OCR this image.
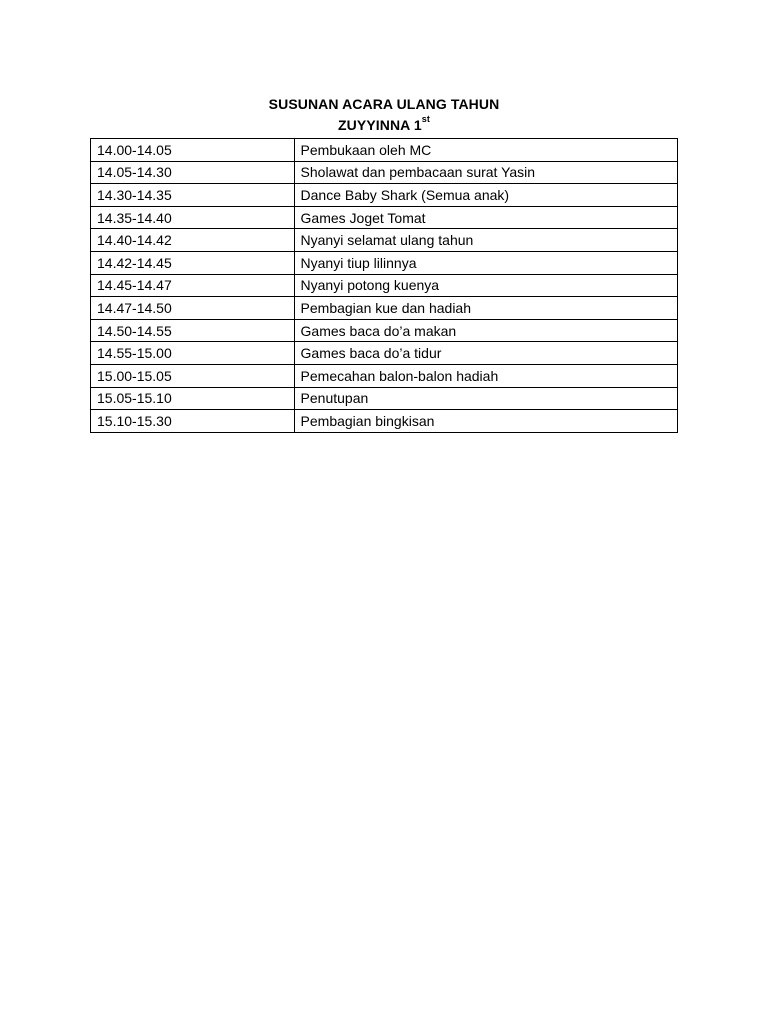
SUSUNAN ACARA ULANG TAHUN
ZUYYINNA 1st
14.00-14.05	Pembukaan oleh MC
14.05-14.30	Sholawat dan pembacaan surat Yasin
14.30-14.35	Dance Baby Shark (Semua anak)
14.35-14.40	Games Joget Tomat
14.40-14.42	Nyanyi selamat ulang tahun
14.42-14.45	Nyanyi tiup lilinnya
14.45-14.47	Nyanyi potong kuenya
14.47-14.50	Pembagian kue dan hadiah
14.50-14.55	Games baca do’a makan
14.55-15.00	Games baca do’a tidur
15.00-15.05	Pemecahan balon-balon hadiah
15.05-15.10	Penutupan
15.10-15.30	Pembagian bingkisan
